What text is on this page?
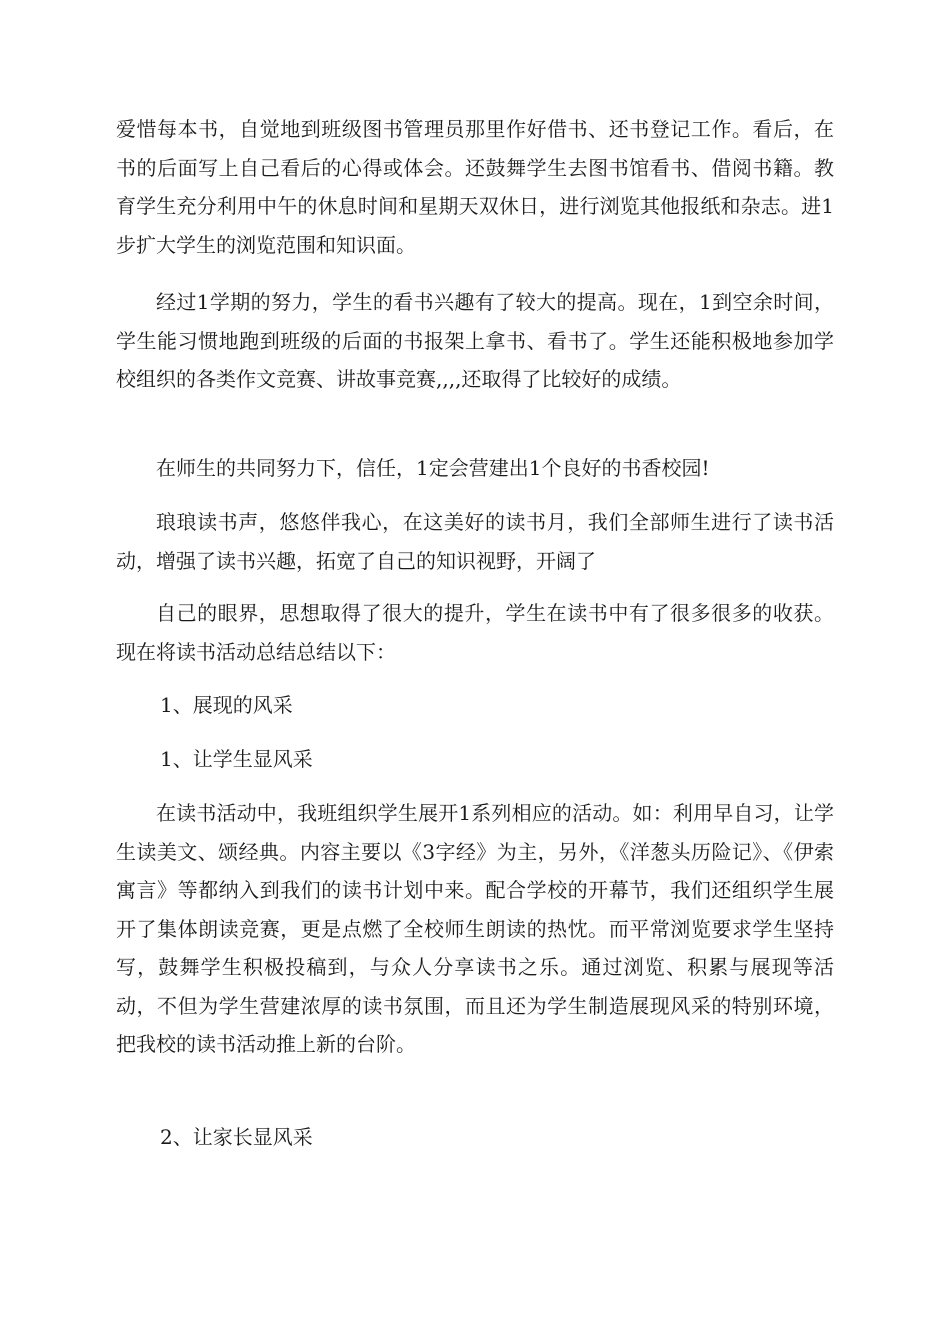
爱惜每本书，自觉地到班级图书管理员那里作好借书、还书登记工作。看后，在书的后面写上自己看后的心得或体会。还鼓舞学生去图书馆看书、借阅书籍。教育学生充分利用中午的休息时间和星期天双休日，进行浏览其他报纸和杂志。进1步扩大学生的浏览范围和知识面。

经过1学期的努力，学生的看书兴趣有了较大的提高。现在，1到空余时间，学生能习惯地跑到班级的后面的书报架上拿书、看书了。学生还能积极地参加学校组织的各类作文竞赛、讲故事竞赛,,,,还取得了比较好的成绩。

在师生的共同努力下，信任，1定会营建出1个良好的书香校园!

琅琅读书声，悠悠伴我心，在这美好的读书月，我们全部师生进行了读书活动，增强了读书兴趣，拓宽了自己的知识视野，开阔了

自己的眼界，思想取得了很大的提升，学生在读书中有了很多很多的收获。现在将读书活动总结总结以下：

1、展现的风采

1、让学生显风采

在读书活动中，我班组织学生展开1系列相应的活动。如：利用早自习，让学生读美文、颂经典。内容主要以《3字经》为主，另外，《洋葱头历险记》、《伊索寓言》等都纳入到我们的读书计划中来。配合学校的开幕节，我们还组织学生展开了集体朗读竞赛，更是点燃了全校师生朗读的热忱。而平常浏览要求学生坚持写，鼓舞学生积极投稿到，与众人分享读书之乐。通过浏览、积累与展现等活动，不但为学生营建浓厚的读书氛围，而且还为学生制造展现风采的特别环境，把我校的读书活动推上新的台阶。

2、让家长显风采
